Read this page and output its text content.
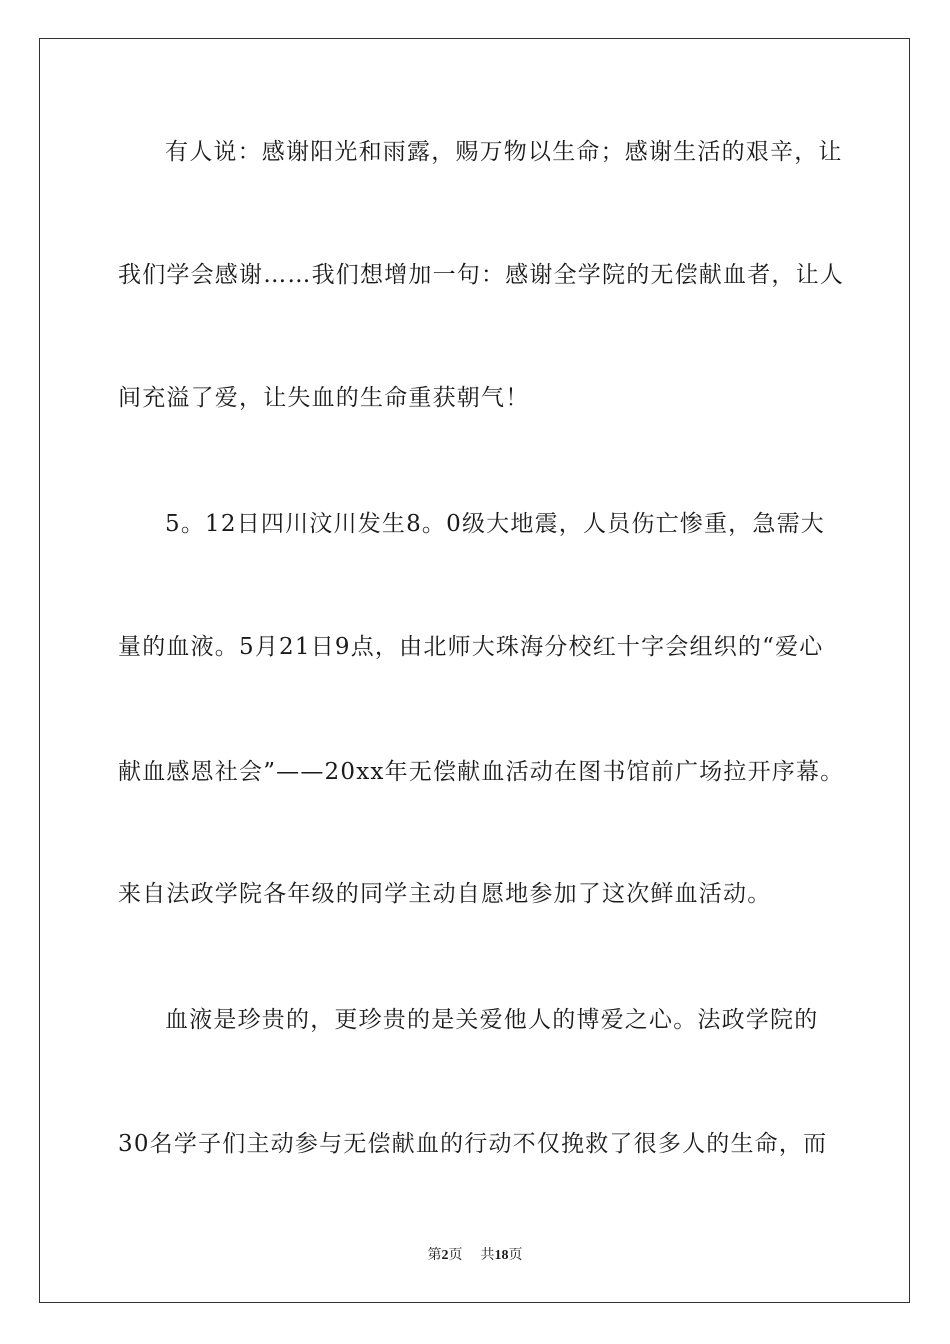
有人说：感谢阳光和雨露，赐万物以生命；感谢生活的艰辛，让
我们学会感谢……我们想增加一句：感谢全学院的无偿献血者，让人
间充溢了爱，让失血的生命重获朝气！
5。12日四川汶川发生8。0级大地震，人员伤亡惨重，急需大
量的血液。5月21日9点，由北师大珠海分校红十字会组织的“爱心
献血感恩社会”——20xx年无偿献血活动在图书馆前广场拉开序幕。
来自法政学院各年级的同学主动自愿地参加了这次鲜血活动。
血液是珍贵的，更珍贵的是关爱他人的博爱之心。法政学院的
30名学子们主动参与无偿献血的行动不仅挽救了很多人的生命，而
第2页 共18页
